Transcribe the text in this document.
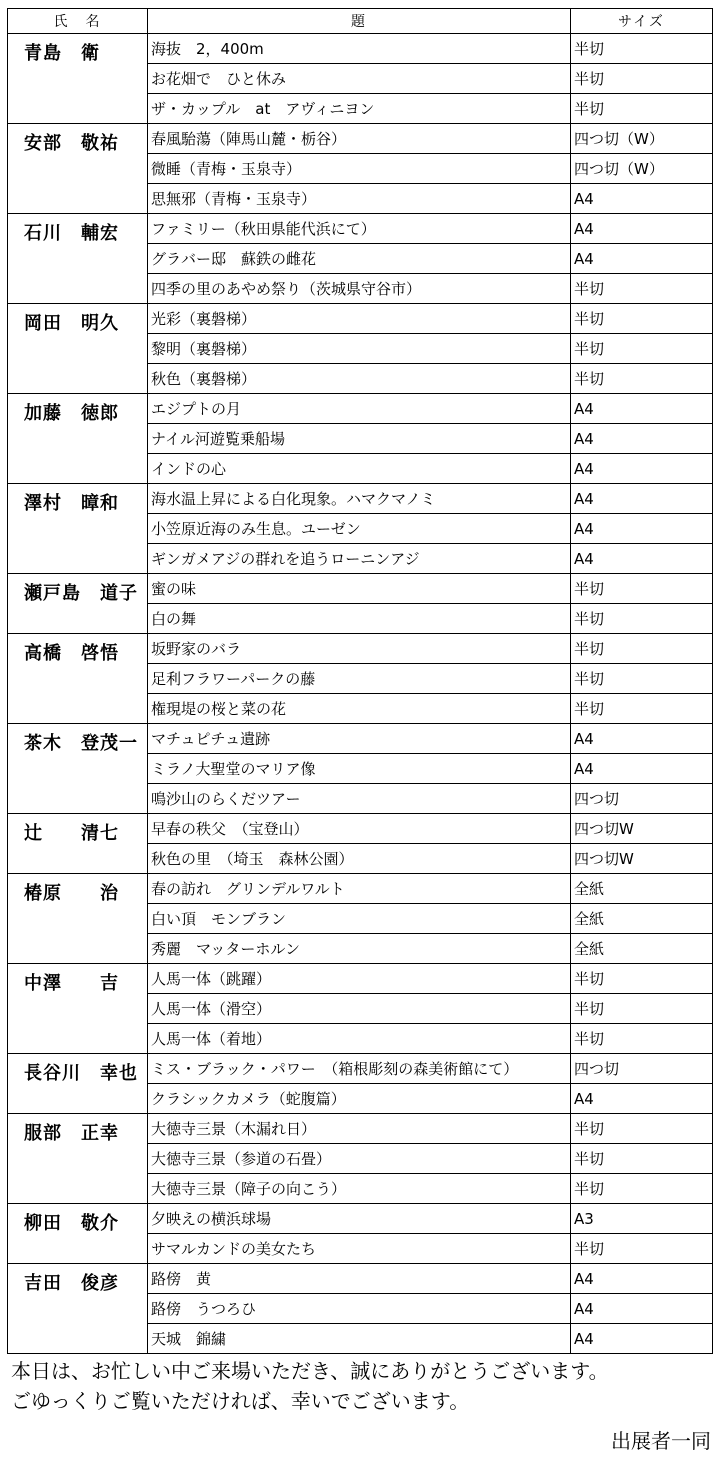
氏　名	題	サイズ
青島　衛	海抜　2，400m	半切
	お花畑で　ひと休み	半切
	ザ・カップル　at　アヴィニヨン	半切
安部　敬祐	春風駘蕩（陣馬山麓・栃谷）	四つ切（W）
	微睡（青梅・玉泉寺）	四つ切（W）
	思無邪（青梅・玉泉寺）	A4
石川　輔宏	ファミリー（秋田県能代浜にて）	A4
	グラバー邸　蘇鉄の雌花	A4
	四季の里のあやめ祭り（茨城県守谷市）	半切
岡田　明久	光彩（裏磐梯）	半切
	黎明（裏磐梯）	半切
	秋色（裏磐梯）	半切
加藤　徳郎	エジプトの月	A4
	ナイル河遊覧乗船場	A4
	インドの心	A4
澤村　暲和	海水温上昇による白化現象。ハマクマノミ	A4
	小笠原近海のみ生息。ユーゼン	A4
	ギンガメアジの群れを追うローニンアジ	A4
瀬戸島　道子	蜜の味	半切
	白の舞	半切
高橋　啓悟	坂野家のバラ	半切
	足利フラワーパークの藤	半切
	権現堤の桜と菜の花	半切
茶木　登茂一	マチュピチュ遺跡	A4
	ミラノ大聖堂のマリア像	A4
	鳴沙山のらくだツアー	四つ切
辻　　清七	早春の秩父　（宝登山）	四つ切W
	秋色の里　（埼玉　森林公園）	四つ切W
椿原　　治	春の訪れ　グリンデルワルト	全紙
	白い頂　モンブラン	全紙
	秀麗　マッターホルン	全紙
中澤　　吉	人馬一体（跳躍）	半切
	人馬一体（滑空）	半切
	人馬一体（着地）	半切
長谷川　幸也	ミス・ブラック・パワー　（箱根彫刻の森美術館にて）	四つ切
	クラシックカメラ（蛇腹篇）	A4
服部　正幸	大徳寺三景（木漏れ日）	半切
	大徳寺三景（参道の石畳）	半切
	大徳寺三景（障子の向こう）	半切
柳田　敬介	夕映えの横浜球場	A3
	サマルカンドの美女たち	半切
吉田　俊彦	路傍　黄	A4
	路傍　うつろひ	A4
	天城　錦繍	A4
本日は、お忙しい中ご来場いただき、誠にありがとうございます。
ごゆっくりご覧いただければ、幸いでございます。
出展者一同
